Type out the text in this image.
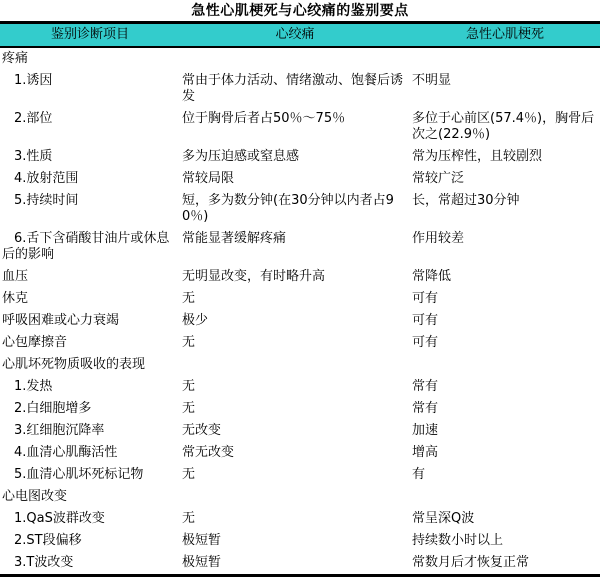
急性心肌梗死与心绞痛的鉴别要点
鉴别诊断项目	心绞痛	急性心肌梗死
疼痛		
1.诱因	常由于体力活动、情绪激动、饱餐后诱发	不明显
2.部位	位于胸骨后者占50％～75％	多位于心前区(57.4％)，胸骨后次之(22.9％)
3.性质	多为压迫感或窒息感	常为压榨性，且较剧烈
4.放射范围	常较局限	常较广泛
5.持续时间	短，多为数分钟(在30分钟以内者占90％)	长，常超过30分钟
6.舌下含硝酸甘油片或休息后的影响	常能显著缓解疼痛	作用较差
血压	无明显改变，有时略升高	常降低
休克	无	可有
呼吸困难或心力衰竭	极少	可有
心包摩擦音	无	可有
心肌坏死物质吸收的表现		
1.发热	无	常有
2.白细胞增多	无	常有
3.红细胞沉降率	无改变	加速
4.血清心肌酶活性	常无改变	增高
5.血清心肌坏死标记物	无	有
心电图改变		
1.QaS波群改变	无	常呈深Q波
2.ST段偏移	极短暂	持续数小时以上
3.T波改变	极短暂	常数月后才恢复正常
